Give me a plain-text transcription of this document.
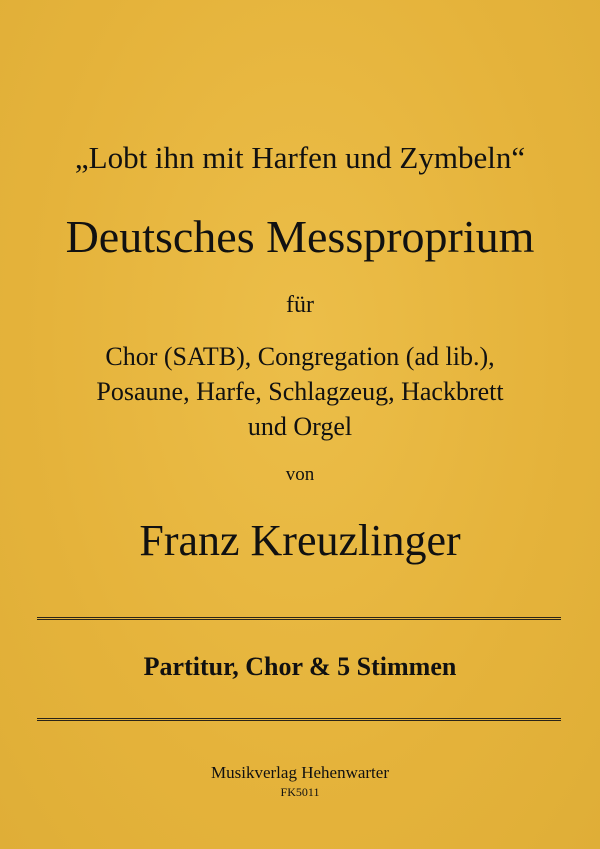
„Lobt ihn mit Harfen und Zymbeln“
Deutsches Messproprium
für
Chor (SATB), Congregation (ad lib.),
Posaune, Harfe, Schlagzeug, Hackbrett
und Orgel
von
Franz Kreuzlinger
Partitur, Chor & 5 Stimmen
Musikverlag Hehenwarter
FK5011
